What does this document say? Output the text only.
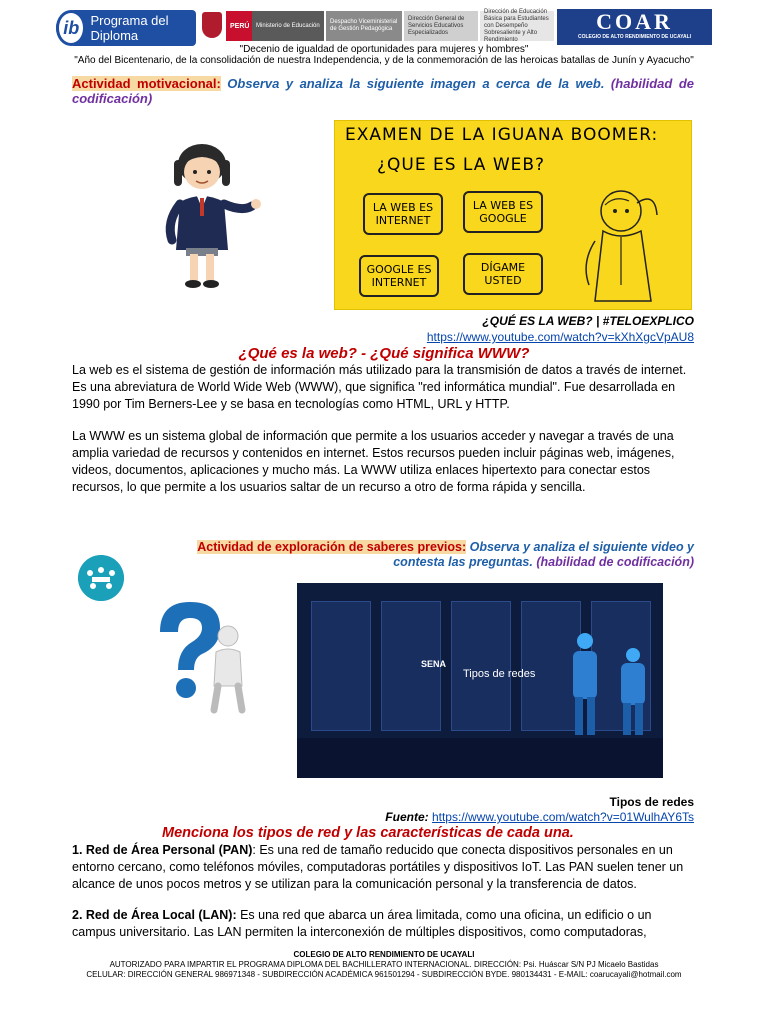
ib Programa del Diploma
PERÚ	Ministerio de Educación
Despacho Viceministerial de Gestión Pedagógica
Dirección General de Servicios Educativos Especializados
Dirección de Educación Básica para Estudiantes con Desempeño Sobresaliente y Alto Rendimiento
COAR
COLEGIO DE ALTO RENDIMIENTO DE UCAYALI
"Decenio de igualdad de oportunidades para mujeres y hombres"
"Año del Bicentenario, de la consolidación de nuestra Independencia, y de la conmemoración de las heroicas batallas de Junín y Ayacucho"
Actividad motivacional: Observa y analiza la siguiente imagen a cerca de la web. (habilidad de codificación)
EXAMEN DE LA IGUANA BOOMER:
¿QUE ES LA WEB?
LA WEB ES INTERNET
LA WEB ES GOOGLE
GOOGLE ES INTERNET
DÍGAME USTED
¿QUÉ ES LA WEB? | #TELOEXPLICO
https://www.youtube.com/watch?v=kXhXgcVpAU8
¿Qué es la web? - ¿Qué significa WWW?
La web es el sistema de gestión de información más utilizado para la transmisión de datos a través de internet. Es una abreviatura de World Wide Web (WWW), que significa "red informática mundial". Fue desarrollada en 1990 por Tim Berners-Lee y se basa en tecnologías como HTML, URL y HTTP.
La WWW es un sistema global de información que permite a los usuarios acceder y navegar a través de una amplia variedad de recursos y contenidos en internet. Estos recursos pueden incluir páginas web, imágenes, videos, documentos, aplicaciones y mucho más. La WWW utiliza enlaces hipertexto para conectar estos recursos, lo que permite a los usuarios saltar de un recurso a otro de forma rápida y sencilla.
Actividad de exploración de saberes previos: Observa y analiza el siguiente video y contesta las preguntas. (habilidad de codificación)
SENA
Tipos de redes
Tipos de redes
Fuente: https://www.youtube.com/watch?v=01WulhAY6Ts
Menciona los tipos de red y las características de cada una.
1. Red de Área Personal (PAN): Es una red de tamaño reducido que conecta dispositivos personales en un entorno cercano, como teléfonos móviles, computadoras portátiles y dispositivos IoT. Las PAN suelen tener un alcance de unos pocos metros y se utilizan para la comunicación personal y la transferencia de datos.
2. Red de Área Local (LAN): Es una red que abarca un área limitada, como una oficina, un edificio o un campus universitario. Las LAN permiten la interconexión de múltiples dispositivos, como computadoras,
COLEGIO DE ALTO RENDIMIENTO DE UCAYALI
AUTORIZADO PARA IMPARTIR EL PROGRAMA DIPLOMA DEL BACHILLERATO INTERNACIONAL. DIRECCIÓN: Psi. Huáscar S/N PJ Micaelo Bastidas
CELULAR: DIRECCIÓN GENERAL 986971348 - SUBDIRECCIÓN ACADÉMICA 961501294 - SUBDIRECCIÓN BYDE. 980134431 - E-MAIL: coarucayali@hotmail.com
